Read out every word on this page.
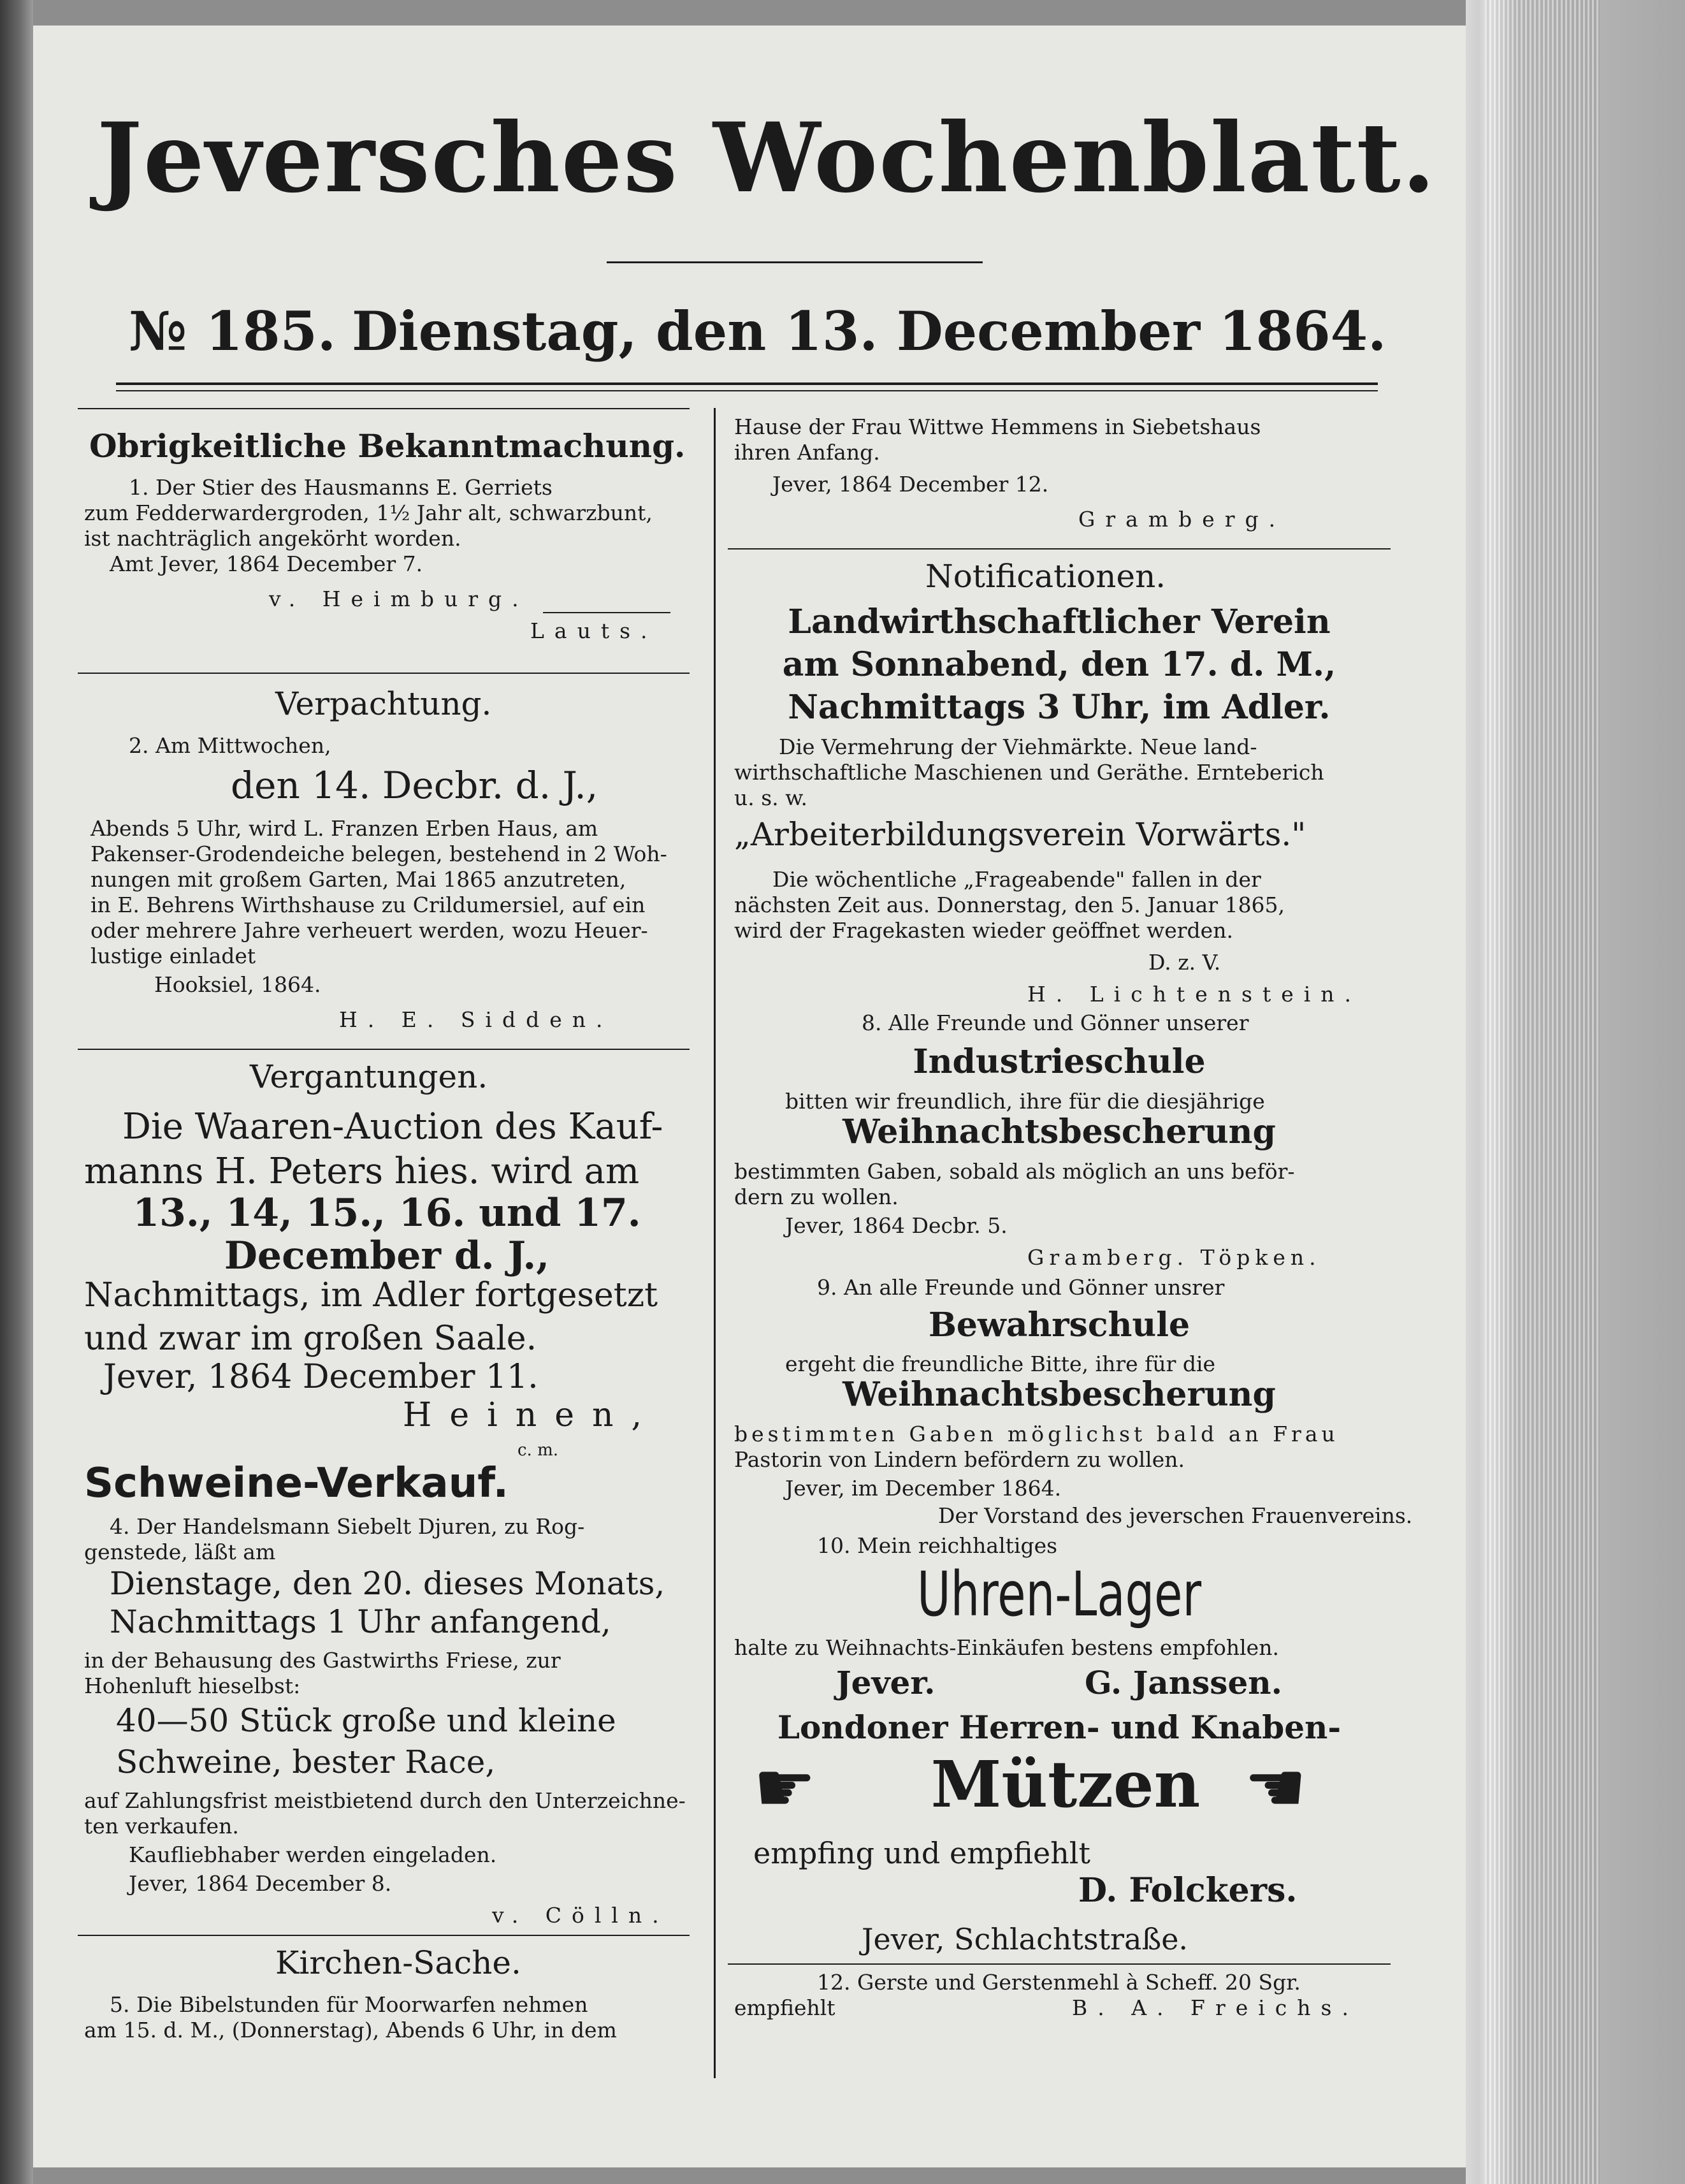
Jeversches Wochenblatt.
№ 185. Dienstag, den 13. December 1864.
Obrigkeitliche Bekanntmachung.
1. Der Stier des Hausmanns E. Gerriets
zum Fedderwardergroden, 1½ Jahr alt, schwarzbunt,
ist nachträglich angekörht worden.
Amt Jever, 1864 December 7.
v. Heimburg.
Lauts.
Verpachtung.
2. Am Mittwochen,
den 14. Decbr. d. J.,
Abends 5 Uhr, wird L. Franzen Erben Haus, am
Pakenser-Grodendeiche belegen, bestehend in 2 Woh-
nungen mit großem Garten, Mai 1865 anzutreten,
in E. Behrens Wirthshause zu Crildumersiel, auf ein
oder mehrere Jahre verheuert werden, wozu Heuer-
lustige einladet
Hooksiel, 1864.
H. E. Sidden.
Vergantungen.
Die Waaren-Auction des Kauf-
manns H. Peters hies. wird am
13., 14, 15., 16. und 17.
December d. J.,
Nachmittags, im Adler fortgesetzt
und zwar im großen Saale.
Jever, 1864 December 11.
Heinen,
c. m.
Schweine-Verkauf.
4. Der Handelsmann Siebelt Djuren, zu Rog-
genstede, läßt am
Dienstage, den 20. dieses Monats,
Nachmittags 1 Uhr anfangend,
in der Behausung des Gastwirths Friese, zur
Hohenluft hieselbst:
40—50 Stück große und kleine
Schweine, bester Race,
auf Zahlungsfrist meistbietend durch den Unterzeichne-
ten verkaufen.
Kaufliebhaber werden eingeladen.
Jever, 1864 December 8.
v. Cölln.
Kirchen-Sache.
5. Die Bibelstunden für Moorwarfen nehmen
am 15. d. M., (Donnerstag), Abends 6 Uhr, in dem
Hause der Frau Wittwe Hemmens in Siebetshaus
ihren Anfang.
Jever, 1864 December 12.
Gramberg.
Notificationen.
Landwirthschaftlicher Verein
am Sonnabend, den 17. d. M.,
Nachmittags 3 Uhr, im Adler.
Die Vermehrung der Viehmärkte. Neue land-
wirthschaftliche Maschienen und Geräthe. Ernteberich
u. s. w.
„Arbeiterbildungsverein Vorwärts."
Die wöchentliche „Frageabende" fallen in der
nächsten Zeit aus. Donnerstag, den 5. Januar 1865,
wird der Fragekasten wieder geöffnet werden.
D. z. V.
H. Lichtenstein.
8. Alle Freunde und Gönner unserer
Industrieschule
bitten wir freundlich, ihre für die diesjährige
Weihnachtsbescherung
bestimmten Gaben, sobald als möglich an uns beför-
dern zu wollen.
Jever, 1864 Decbr. 5.
Gramberg. Töpken.
9. An alle Freunde und Gönner unsrer
Bewahrschule
ergeht die freundliche Bitte, ihre für die
Weihnachtsbescherung
bestimmten Gaben möglichst bald an Frau
Pastorin von Lindern befördern zu wollen.
Jever, im December 1864.
Der Vorstand des jeverschen Frauenvereins.
10. Mein reichhaltiges
Uhren-Lager
halte zu Weihnachts-Einkäufen bestens empfohlen.
Jever.	G. Janssen.
Londoner Herren- und Knaben-
☛ Mützen ☚
empfing und empfiehlt
D. Folckers.
Jever, Schlachtstraße.
12. Gerste und Gerstenmehl à Scheff. 20 Sgr.
empfiehlt	B. A. Freichs.
